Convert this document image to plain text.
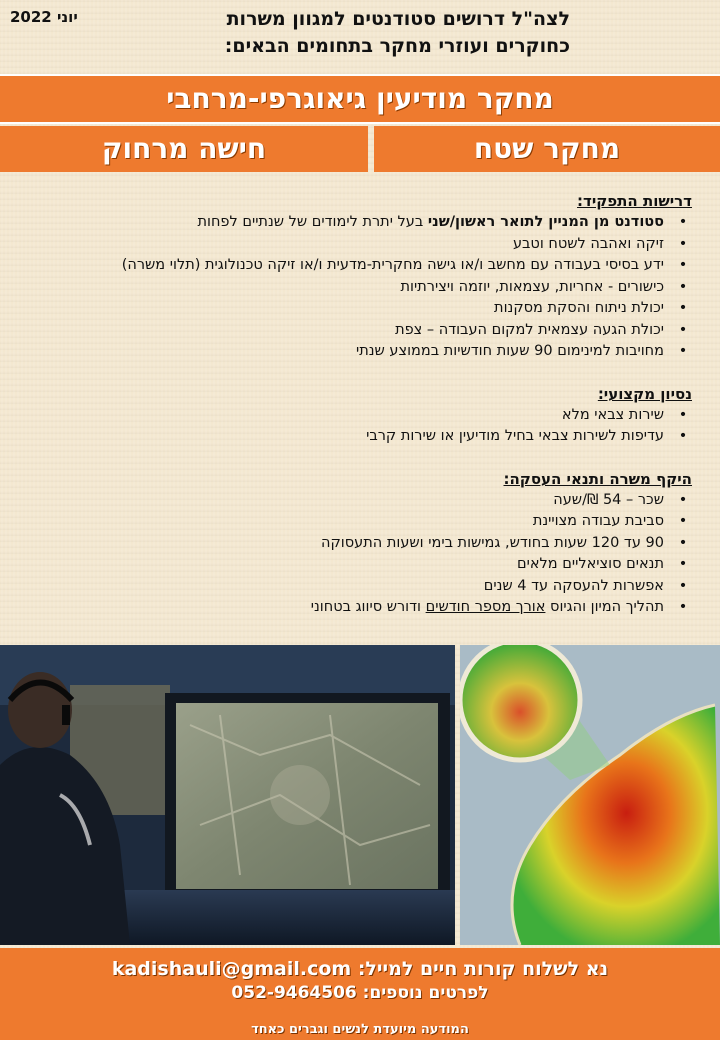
יוני 2022	לצה"ל דרושים סטודנטים למגוון משרות
כחוקרים ועוזרי מחקר בתחומים הבאים:
מחקר מודיעין גיאוגרפי-מרחבי
מחקר שטח
חישה מרחוק
דרישות התפקיד:
•
סטודנט מן המניין לתואר ראשון/שני בעל יתרת לימודים של שנתיים לפחות
•
זיקה ואהבה לשטח וטבע
•
ידע בסיסי בעבודה עם מחשב ו/או גישה מחקרית-מדעית ו/או זיקה טכנולוגית (תלוי משרה)
•
כישורים - אחריות, עצמאות, יוזמה ויצירתיות
•
יכולת ניתוח והסקת מסקנות
•
יכולת הגעה עצמאית למקום העבודה – צפת
•
מחויבות למינימום 90 שעות חודשיות בממוצע שנתי
נסיון מקצועי:
•
שירות צבאי מלא
•
עדיפות לשירות צבאי בחיל מודיעין או שירות קרבי
היקף משרה ותנאי העסקה:
•
שכר – 54 ₪/שעה
•
סביבת עבודה מצויינת
•
90 עד 120 שעות בחודש, גמישות בימי ושעות התעסוקה
•
תנאים סוציאליים מלאים
•
אפשרות להעסקה עד 4 שנים
•
תהליך המיון והגיוס אורך מספר חודשים ודורש סיווג בטחוני
נא לשלוח קורות חיים למייל: kadishauli@gmail.com
לפרטים נוספים: 052-9464506
המודעה מיועדת לנשים וגברים כאחד
